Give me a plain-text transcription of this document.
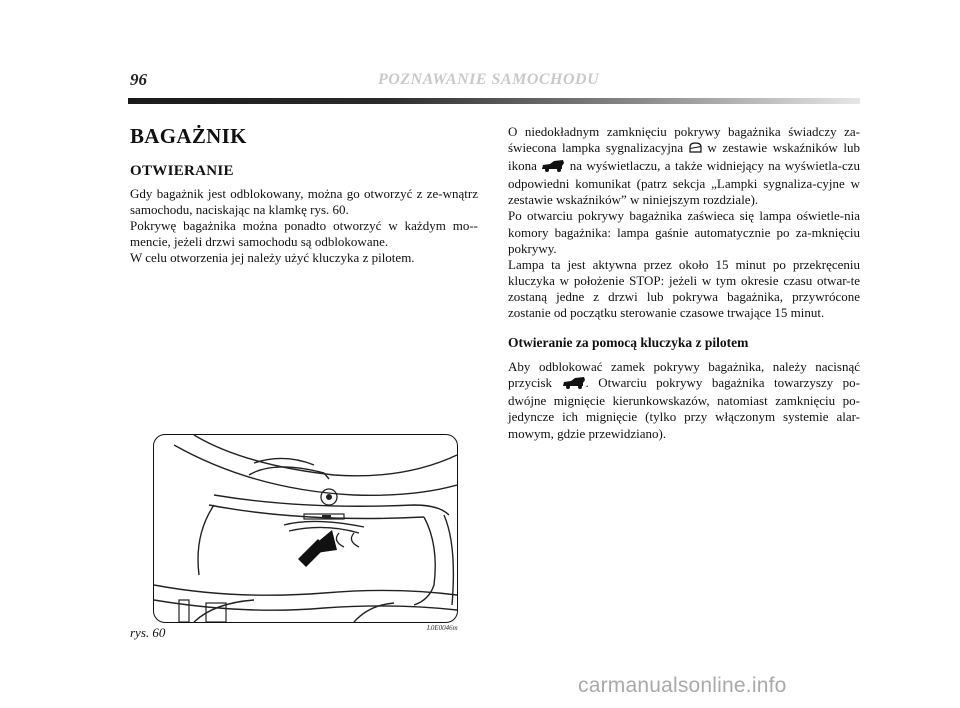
96	POZNAWANIE SAMOCHODU
BAGAŻNIK
OTWIERANIE

Gdy bagażnik jest odblokowany, można go otworzyć z ze-wnątrz samochodu, naciskając na klamkę rys. 60.

Pokrywę bagażnika można ponadto otworzyć w każdym mo-mencie, jeżeli drzwi samochodu są odblokowane.

W celu otworzenia jej należy użyć kluczyka z pilotem.

O niedokładnym zamknięciu pokrywy bagażnika świadczy za-świecona lampka sygnalizacyjna w zestawie wskaźników lub ikona	na wyświetlaczu, a także widniejący na wyświetla-czu odpowiedni komunikat (patrz sekcja „Lampki sygnaliza-cyjne w zestawie wskaźników” w niniejszym rozdziale).

Po otwarciu pokrywy bagażnika zaświeca się lampa oświetle-nia komory bagażnika: lampa gaśnie automatycznie po za-mknięciu pokrywy.

Lampa ta jest aktywna przez około 15 minut po przekręceniu kluczyka w położenie STOP: jeżeli w tym okresie czasu otwar-te zostaną jedne z drzwi lub pokrywa bagażnika, przywrócone zostanie od początku sterowanie czasowe trwające 15 minut.

Otwieranie za pomocą kluczyka z pilotem

Aby odblokować zamek pokrywy bagażnika, należy nacisnąć przycisk	. Otwarciu pokrywy bagażnika towarzyszy po-dwójne mignięcie kierunkowskazów, natomiast zamknięciu po-jedyncze ich mignięcie (tylko przy włączonym systemie alar-mowym, gdzie przewidziano).

rys. 60	L0E0046m
carmanualsonline.info
